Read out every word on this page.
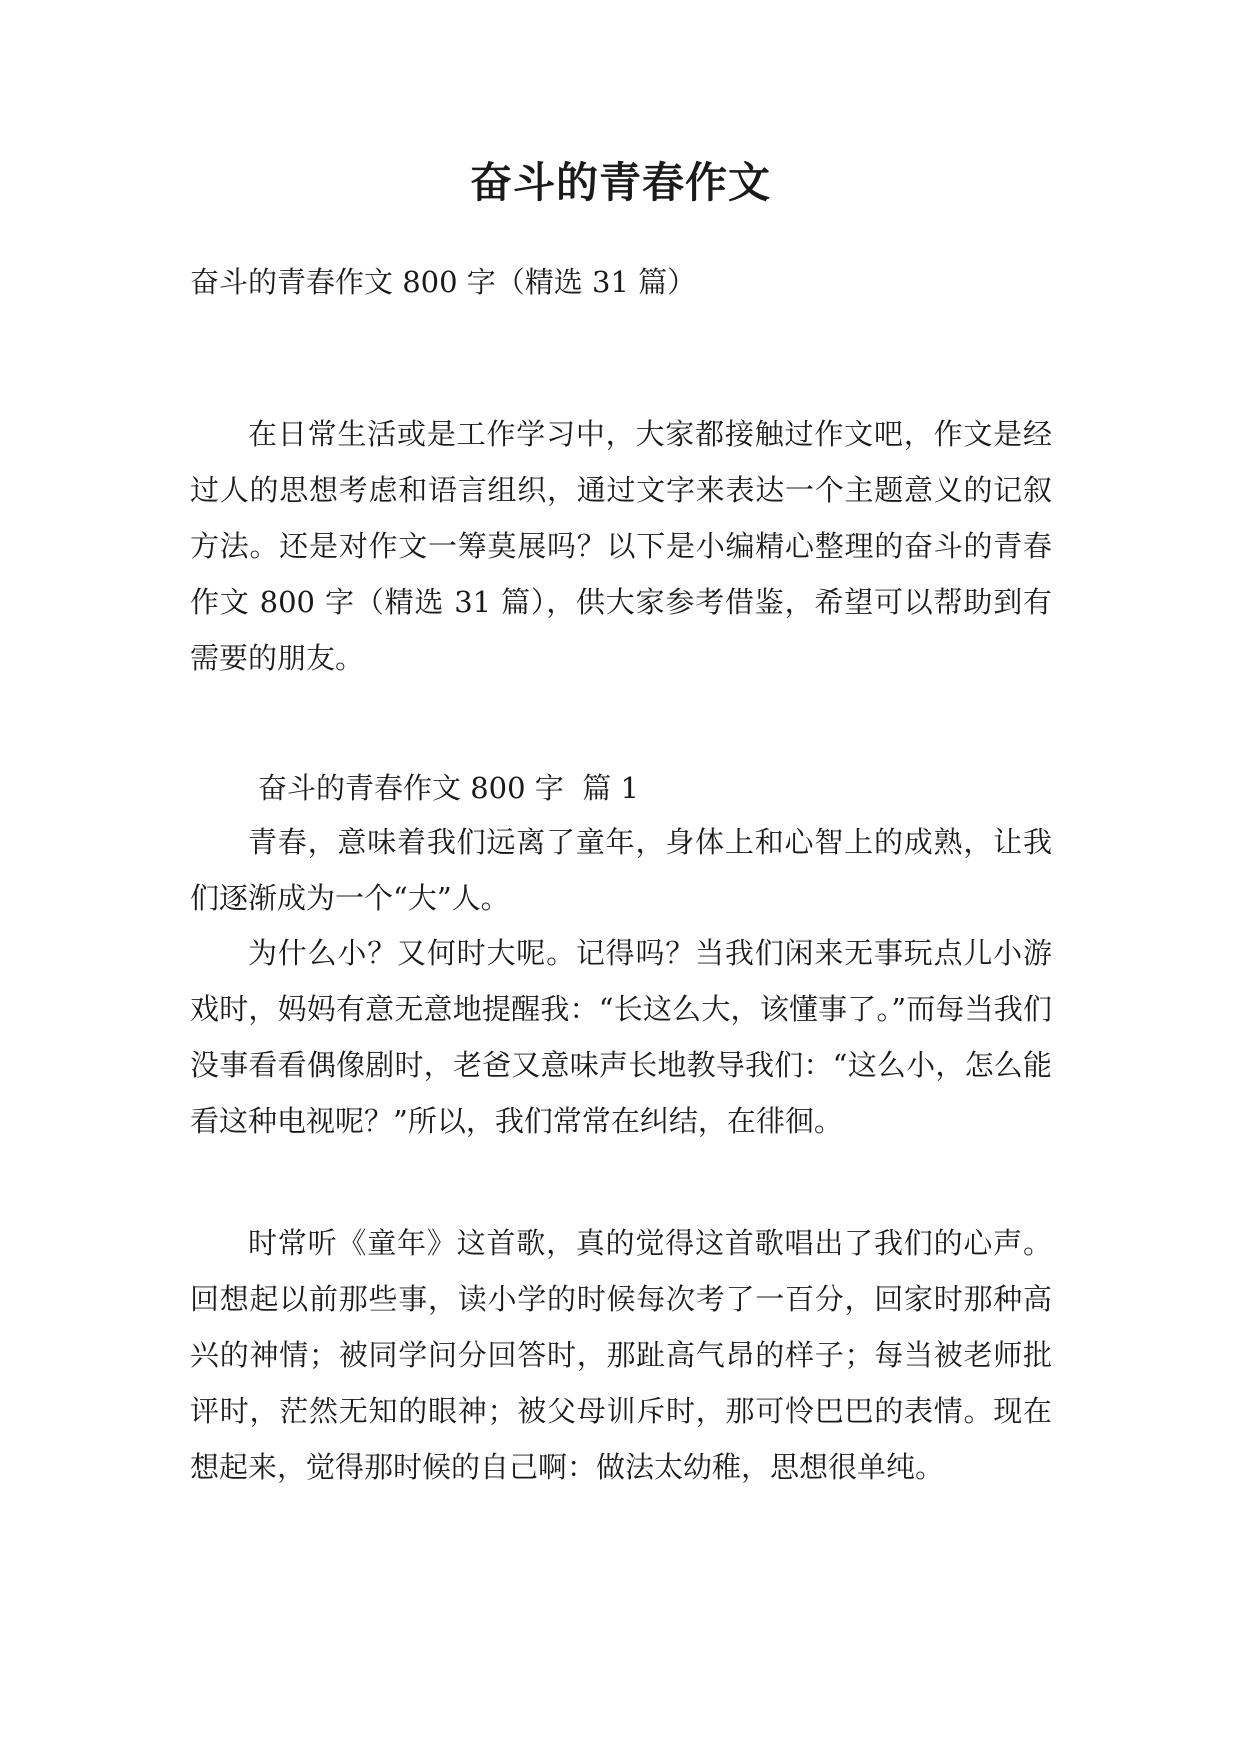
奋斗的青春作文
奋斗的青春作文 800 字（精选 31 篇）

在日常生活或是工作学习中，大家都接触过作文吧，作文是经过人的思想考虑和语言组织，通过文字来表达一个主题意义的记叙方法。还是对作文一筹莫展吗？以下是小编精心整理的奋斗的青春作文 800 字（精选 31 篇），供大家参考借鉴，希望可以帮助到有需要的朋友。

奋斗的青春作文 800 字  篇 1

青春，意味着我们远离了童年，身体上和心智上的成熟，让我们逐渐成为一个“大”人。

为什么小？又何时大呢。记得吗？当我们闲来无事玩点儿小游戏时，妈妈有意无意地提醒我：“长这么大，该懂事了。”而每当我们没事看看偶像剧时，老爸又意味声长地教导我们：“这么小，怎么能看这种电视呢？”所以，我们常常在纠结，在徘徊。

时常听《童年》这首歌，真的觉得这首歌唱出了我们的心声。回想起以前那些事，读小学的时候每次考了一百分，回家时那种高兴的神情；被同学问分回答时，那趾高气昂的样子；每当被老师批评时，茫然无知的眼神；被父母训斥时，那可怜巴巴的表情。现在想起来，觉得那时候的自己啊：做法太幼稚，思想很单纯。
